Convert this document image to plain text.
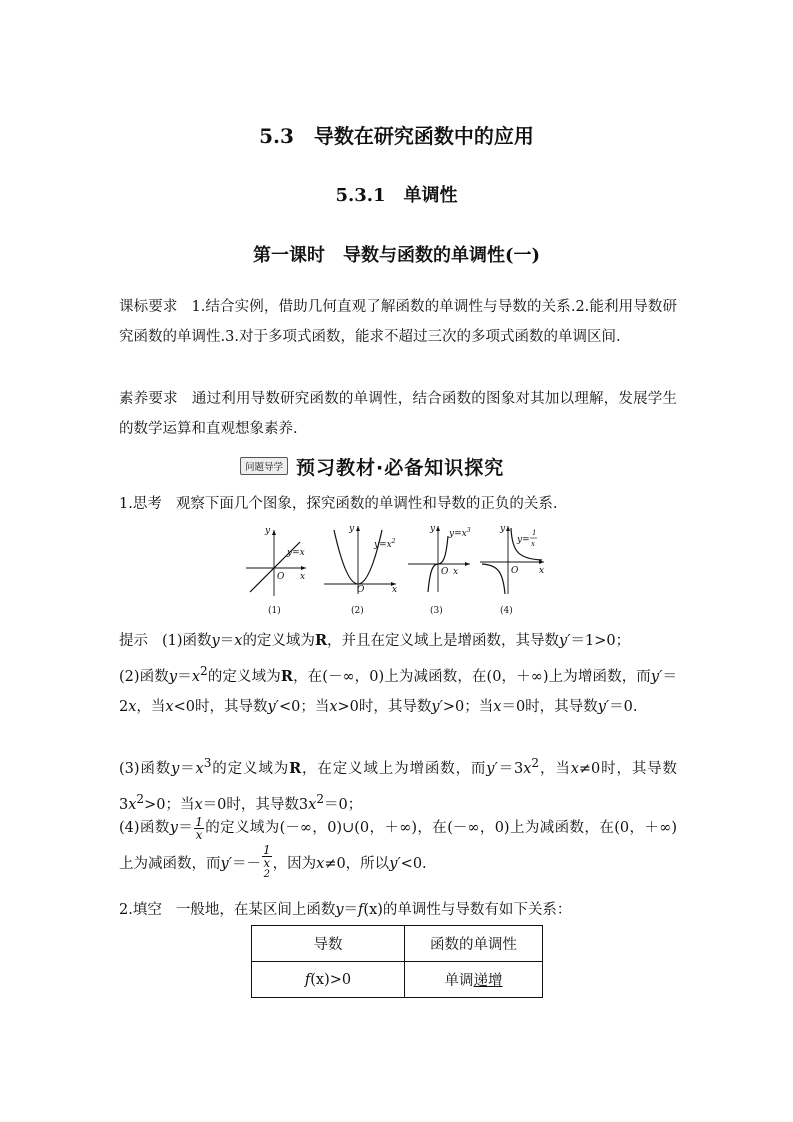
5.3　导数在研究函数中的应用
5.3.1　单调性
第一课时　导数与函数的单调性(一)
课标要求 1.结合实例，借助几何直观了解函数的单调性与导数的关系.2.能利用导数研究函数的单调性.3.对于多项式函数，能求不超过三次的多项式函数的单调区间.
素养要求 通过利用导数研究函数的单调性，结合函数的图象对其加以理解，发展学生的数学运算和直观想象素养.
问题导学 预习教材·必备知识探究
1.思考 观察下面几个图象，探究函数的单调性和导数的正负的关系.
y
x
O
y=x
(1)
y
x
O
$y=x^2$
(2)
y
x
O
$y=x^3$
(3)
y
x
O
y=
1
x
(4)
提示 (1)函数y＝x的定义域为R，并且在定义域上是增函数，其导数y′＝1>0；
(2)函数$y=x^2$的定义域为R，在(－∞，0)上为减函数，在(0，＋∞)上为增函数，而y′＝2x，当x<0时，其导数y′<0；当x>0时，其导数y′>0；当x＝0时，其导数y′＝0.
(3)函数$y=x^3$的定义域为R，在定义域上为增函数，而$y'=3x^2$，当x≠0时，其导数$3x^2>0$；当x＝0时，其导数$3x^2=0$；
(4)函数$y= \frac{1}{x}$ 的定义域为(－∞，0)∪(0，＋∞)，在(－∞，0)上为减函数，在(0，＋∞)上为减函数，而y′＝－ 1
x
$^2$ ，因为x≠0，所以y′<0.
2.填空 一般地，在某区间上函数y＝f(x)的单调性与导数有如下关系：
导数	函数的单调性
f(x)>0	单调递增
